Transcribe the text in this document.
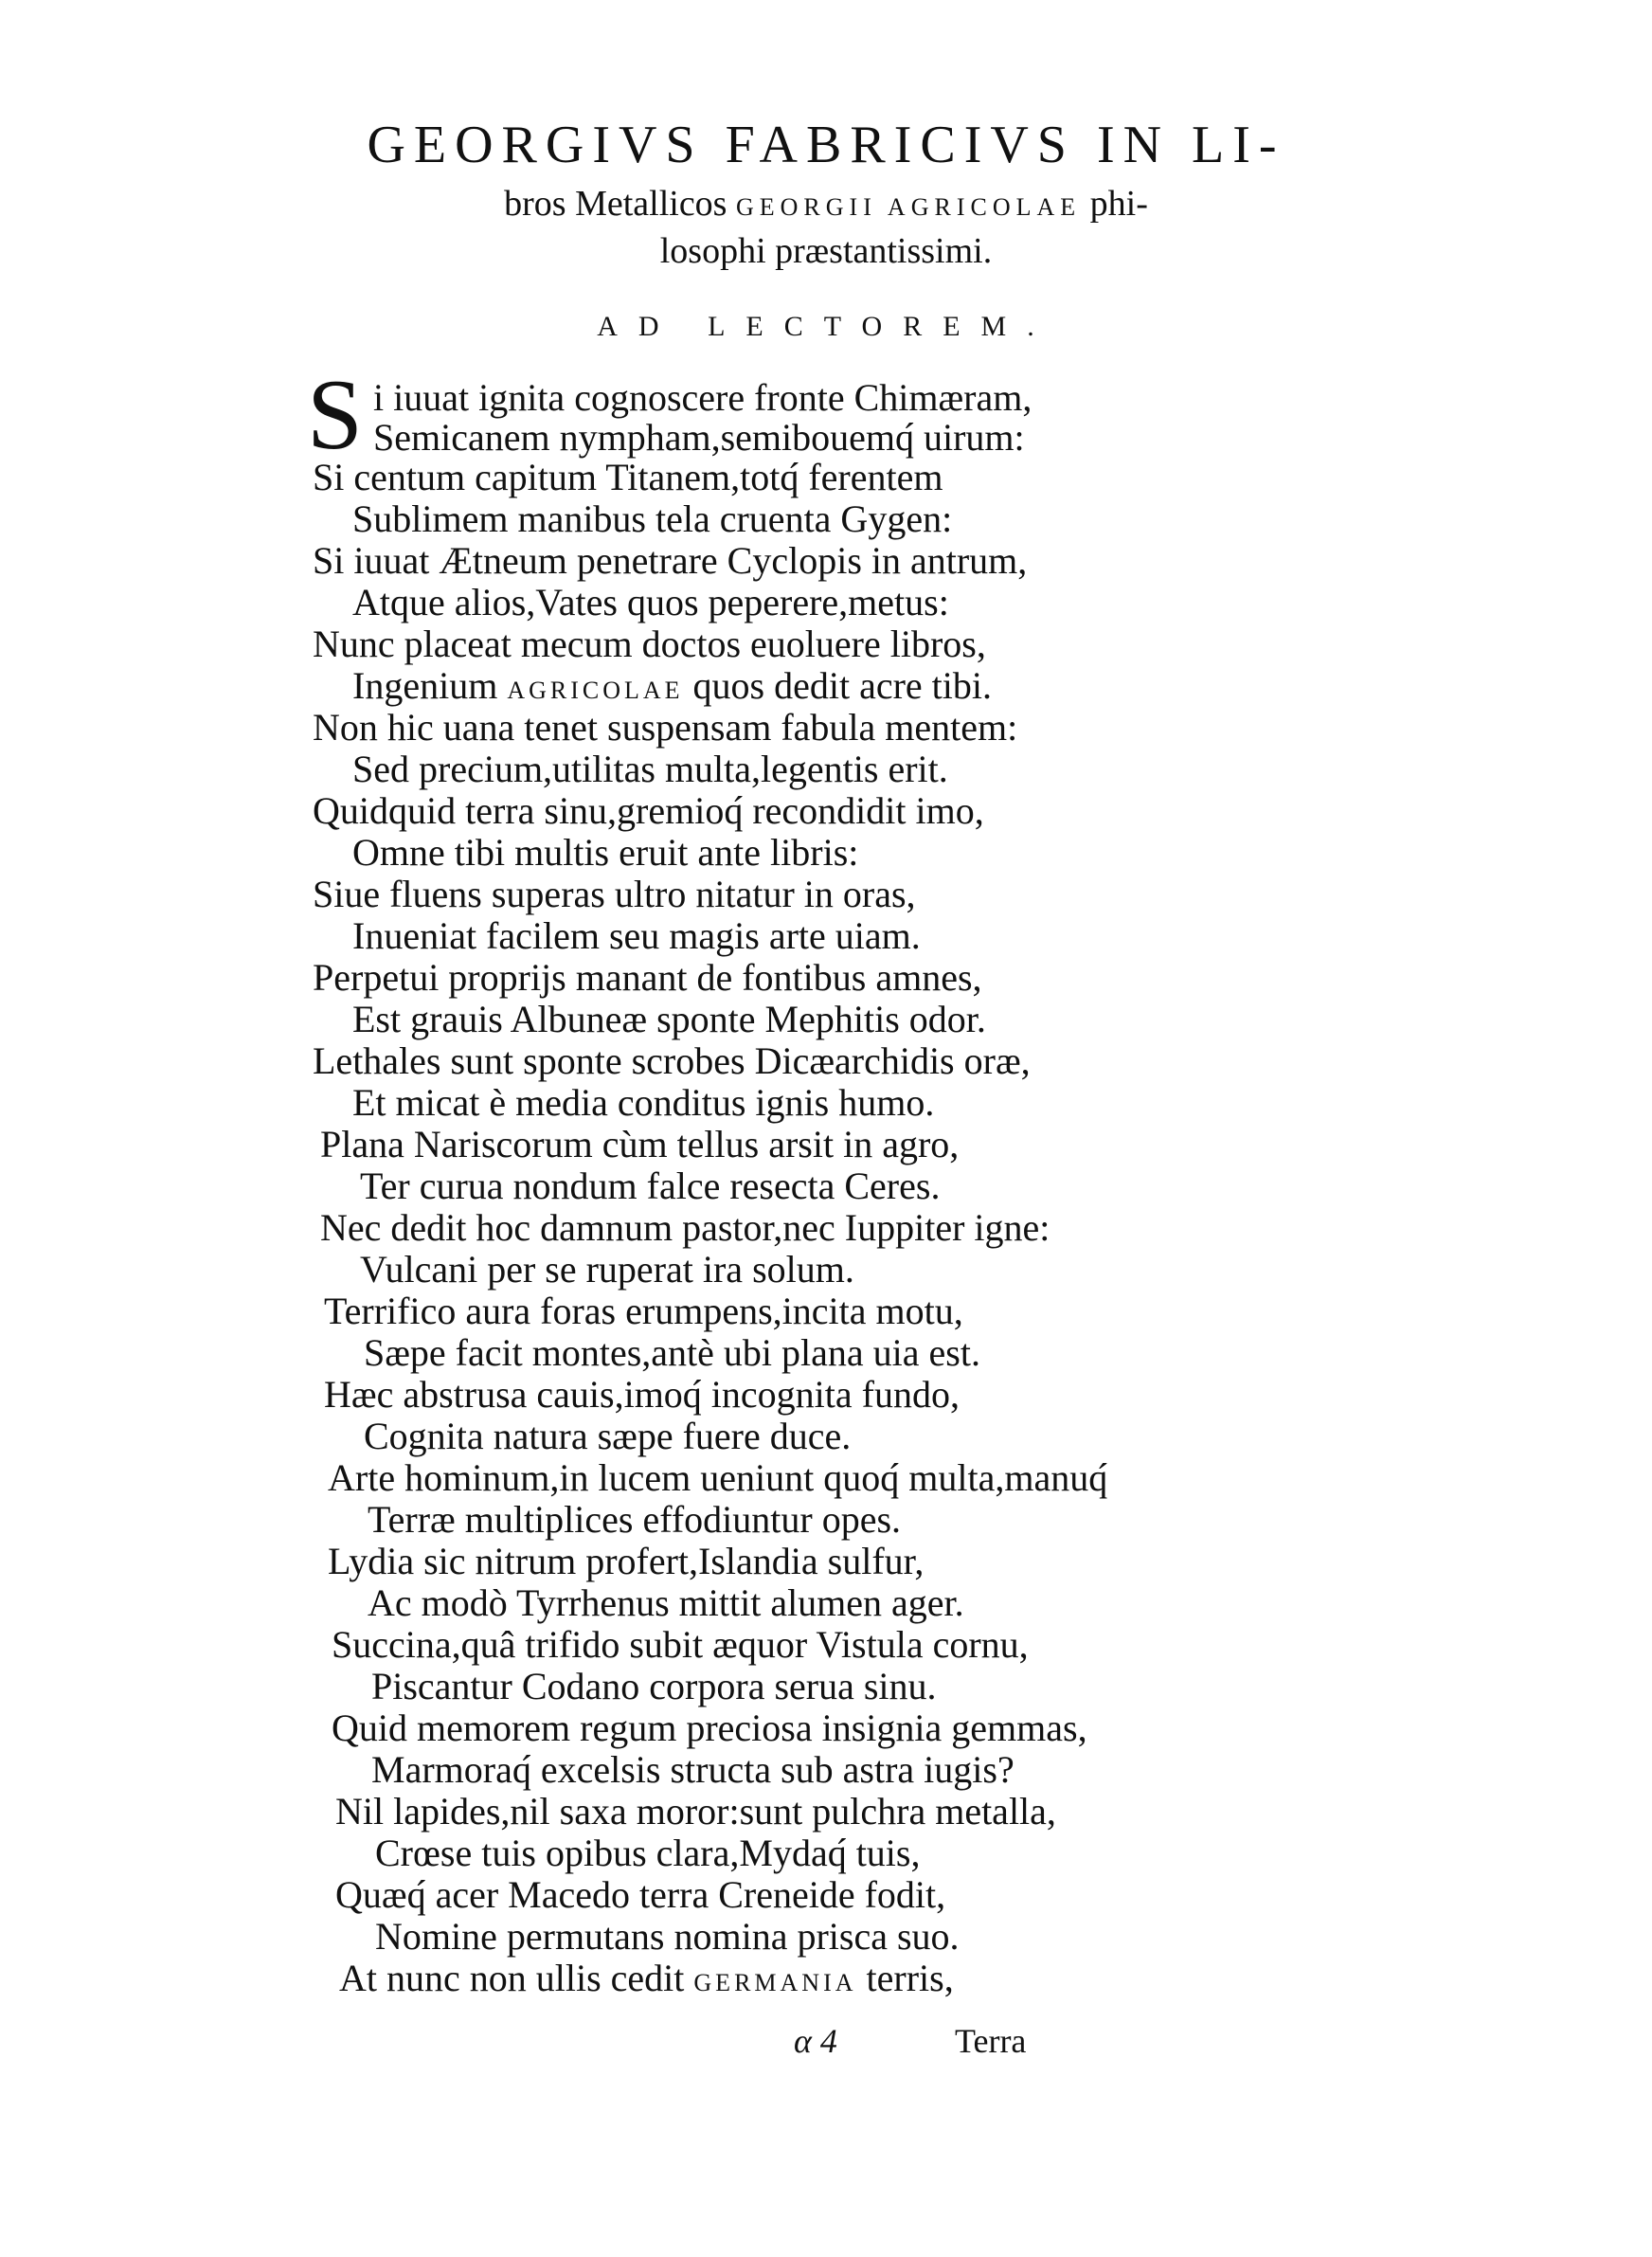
GEORGIVS FABRICIVS IN LI-
bros Metallicos GEORGII AGRICOLAE phi-
losophi præstantissimi.
AD LECTOREM.
S i iuuat ignita cognoscere fronte Chimæram,
Semicanem nympham,semibouemq́ uirum:
Si centum capitum Titanem,totq́ ferentem
Sublimem manibus tela cruenta Gygen:
Si iuuat Ætneum penetrare Cyclopis in antrum,
Atque alios,Vates quos peperere,metus:
Nunc placeat mecum doctos euoluere libros,
Ingenium AGRICOLAE quos dedit acre tibi.
Non hic uana tenet suspensam fabula mentem:
Sed precium,utilitas multa,legentis erit.
Quidquid terra sinu,gremioq́ recondidit imo,
Omne tibi multis eruit ante libris:
Siue fluens superas ultro nitatur in oras,
Inueniat facilem seu magis arte uiam.
Perpetui proprijs manant de fontibus amnes,
Est grauis Albuneæ sponte Mephitis odor.
Lethales sunt sponte scrobes Dicæarchidis oræ,
Et micat è media conditus ignis humo.
Plana Nariscorum cùm tellus arsit in agro,
Ter curua nondum falce resecta Ceres.
Nec dedit hoc damnum pastor,nec Iuppiter igne:
Vulcani per se ruperat ira solum.
Terrifico aura foras erumpens,incita motu,
Sæpe facit montes,antè ubi plana uia est.
Hæc abstrusa cauis,imoq́ incognita fundo,
Cognita natura sæpe fuere duce.
Arte hominum,in lucem ueniunt quoq́ multa,manuq́
Terræ multiplices effodiuntur opes.
Lydia sic nitrum profert,Islandia sulfur,
Ac modò Tyrrhenus mittit alumen ager.
Succina,quâ trifido subit æquor Vistula cornu,
Piscantur Codano corpora serua sinu.
Quid memorem regum preciosa insignia gemmas,
Marmoraq́ excelsis structa sub astra iugis?
Nil lapides,nil saxa moror:sunt pulchra metalla,
Crœse tuis opibus clara,Mydaq́ tuis,
Quæq́ acer Macedo terra Creneide fodit,
Nomine permutans nomina prisca suo.
At nunc non ullis cedit GERMANIA terris,
α 4	Terra
